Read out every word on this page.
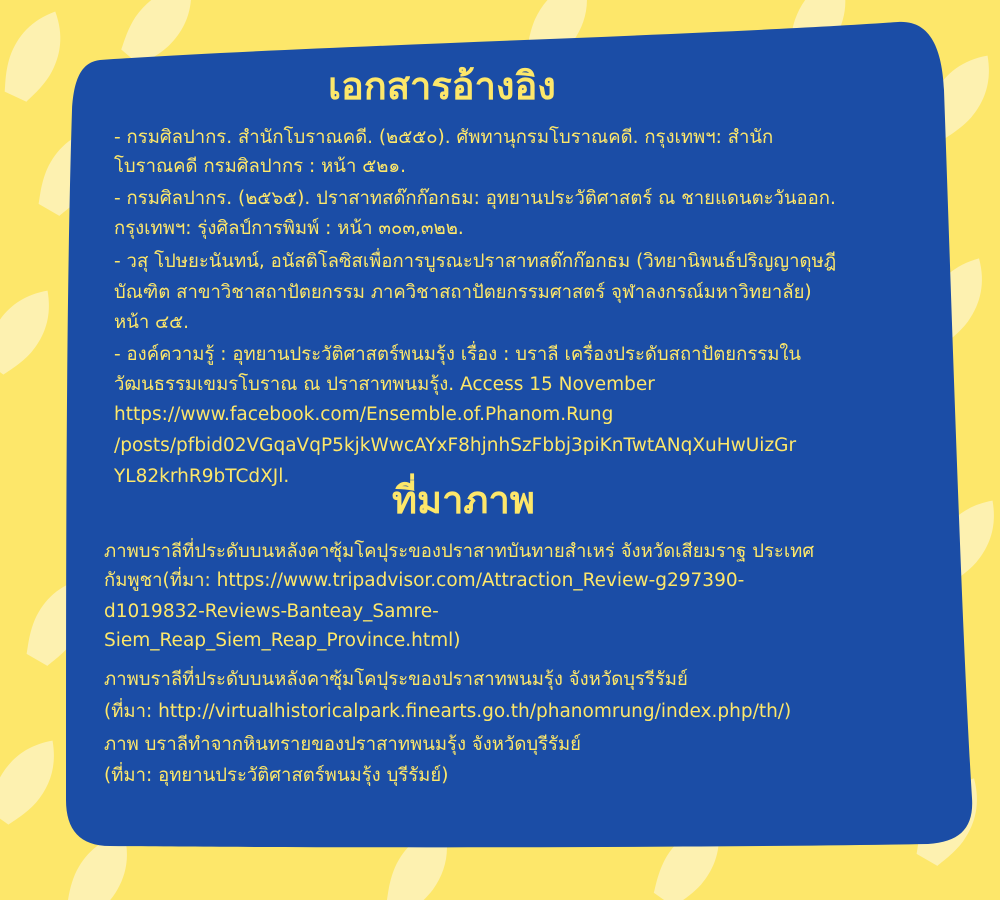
เอกสารอ้างอิง

- กรมศิลปากร. สำนักโบราณคดี. (๒๕๕๐). ศัพทานุกรมโบราณคดี. กรุงเทพฯ: สำนัก

โบราณคดี กรมศิลปากร : หน้า ๕๒๑.

- กรมศิลปากร. (๒๕๖๕). ปราสาทสด๊กก๊อกธม: อุทยานประวัติศาสตร์ ณ ชายแดนตะวันออก.

กรุงเทพฯ: รุ่งศิลป์การพิมพ์ : หน้า ๓๐๓,๓๒๒.

- วสุ โปษยะนันทน์, อนัสติโลซิสเพื่อการบูรณะปราสาทสด๊กก๊อกธม (วิทยานิพนธ์ปริญญาดุษฎี

บัณฑิต สาขาวิชาสถาปัตยกรรม ภาควิชาสถาปัตยกรรมศาสตร์ จุฬาลงกรณ์มหาวิทยาลัย)

หน้า ๔๕.

- องค์ความรู้ : อุทยานประวัติศาสตร์พนมรุ้ง เรื่อง : บราลี เครื่องประดับสถาปัตยกรรมใน

วัฒนธรรมเขมรโบราณ ณ ปราสาทพนมรุ้ง. Access 15 November

https://www.facebook.com/Ensemble.of.Phanom.Rung

/posts/pfbid02VGqaVqP5kjkWwcAYxF8hjnhSzFbbj3piKnTwtANqXuHwUizGr

YL82krhR9bTCdXJl.

ที่มาภาพ

ภาพบราลีที่ประดับบนหลังคาซุ้มโคปุระของปราสาทบันทายสำเหร่ จังหวัดเสียมราฐ ประเทศ

กัมพูชา(ที่มา: https://www.tripadvisor.com/Attraction_Review-g297390-

d1019832-Reviews-Banteay_Samre-

Siem_Reap_Siem_Reap_Province.html)

ภาพบราลีที่ประดับบนหลังคาซุ้มโคปุระของปราสาทพนมรุ้ง จังหวัดบุรรีรัมย์

(ที่มา: http://virtualhistoricalpark.finearts.go.th/phanomrung/index.php/th/)

ภาพ บราลีทำจากหินทรายของปราสาทพนมรุ้ง จังหวัดบุรีรัมย์

(ที่มา: อุทยานประวัติศาสตร์พนมรุ้ง บุรีรัมย์)
